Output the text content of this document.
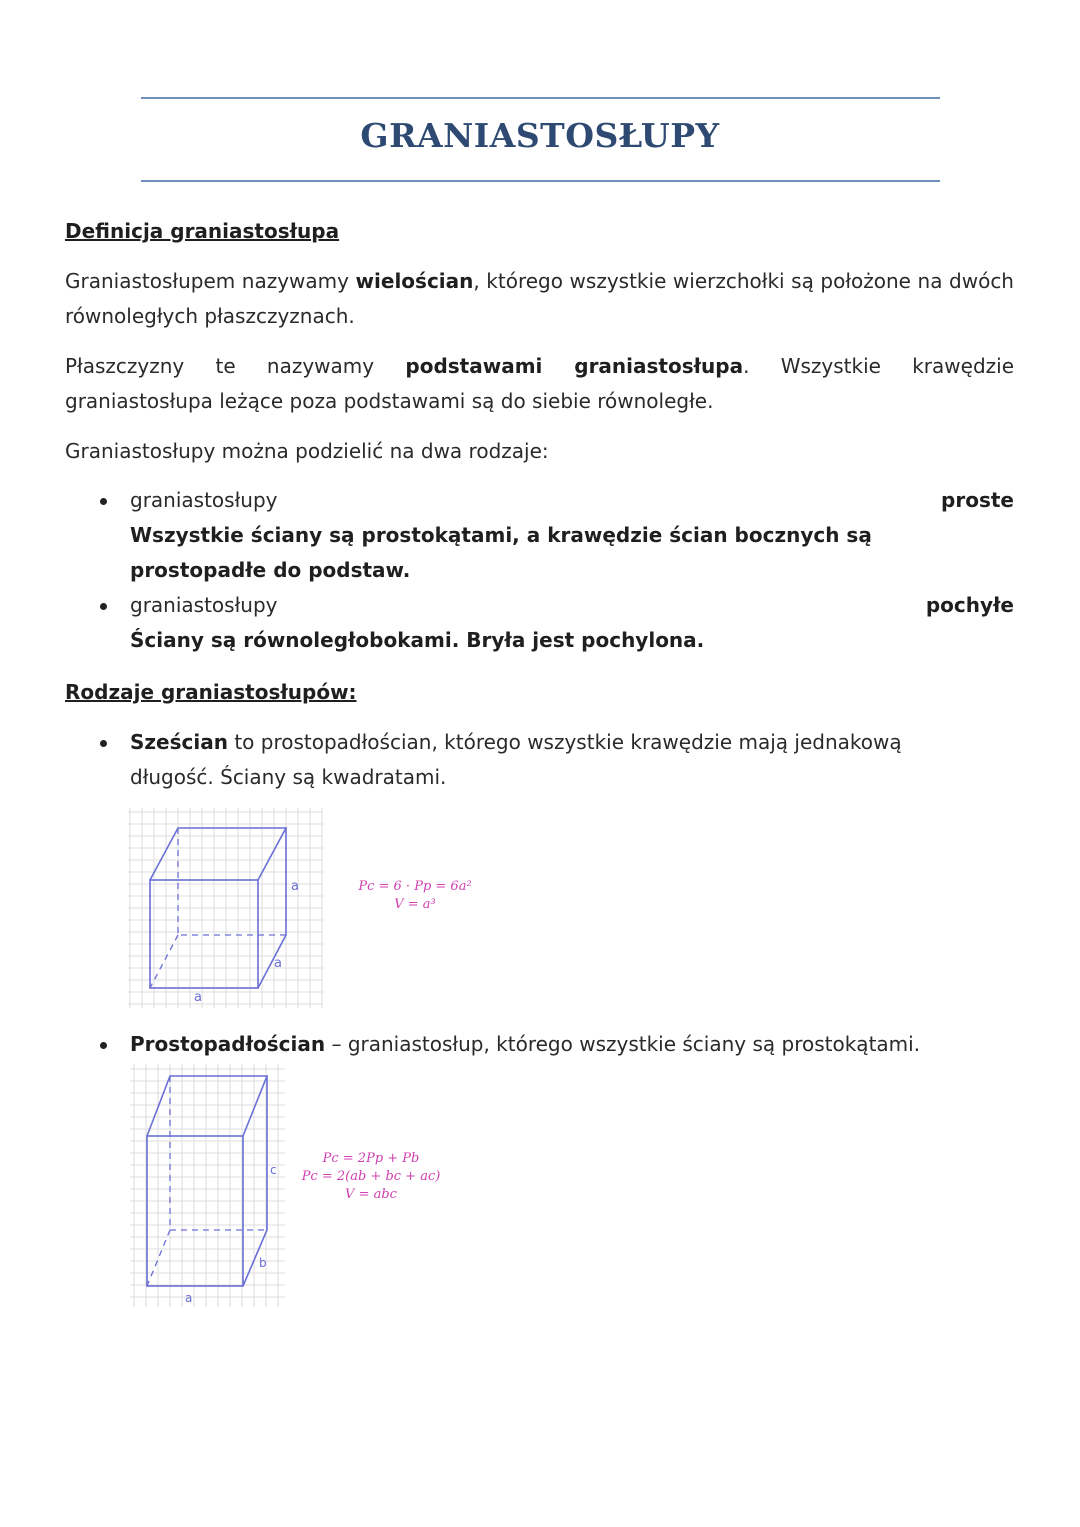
GRANIASTOSŁUPY
Definicja graniastosłupa
Graniastosłupem nazywamy wielościan, którego wszystkie wierzchołki są położone na dwóch równoległych płaszczyznach.
Płaszczyzny te nazywamy podstawami graniastosłupa. Wszystkie krawędzie graniastosłupa leżące poza podstawami są do siebie równoległe.
Graniastosłupy można podzielić na dwa rodzaje:
graniastosłupy	proste
Wszystkie ściany są prostokątami, a krawędzie ścian bocznych są prostopadłe do podstaw.
graniastosłupy	pochyłe
Ściany są równoległobokami. Bryła jest pochylona.
Rodzaje graniastosłupów:
Sześcian to prostopadłościan, którego wszystkie krawędzie mają jednakową długość. Ściany są kwadratami.
a
a
a
Pc = 6 · Pp = 6a²
V = a³
Prostopadłościan – graniastosłup, którego wszystkie ściany są prostokątami.
c
b
a
Pc = 2Pp + Pb
Pc = 2(ab + bc + ac)
V = abc
